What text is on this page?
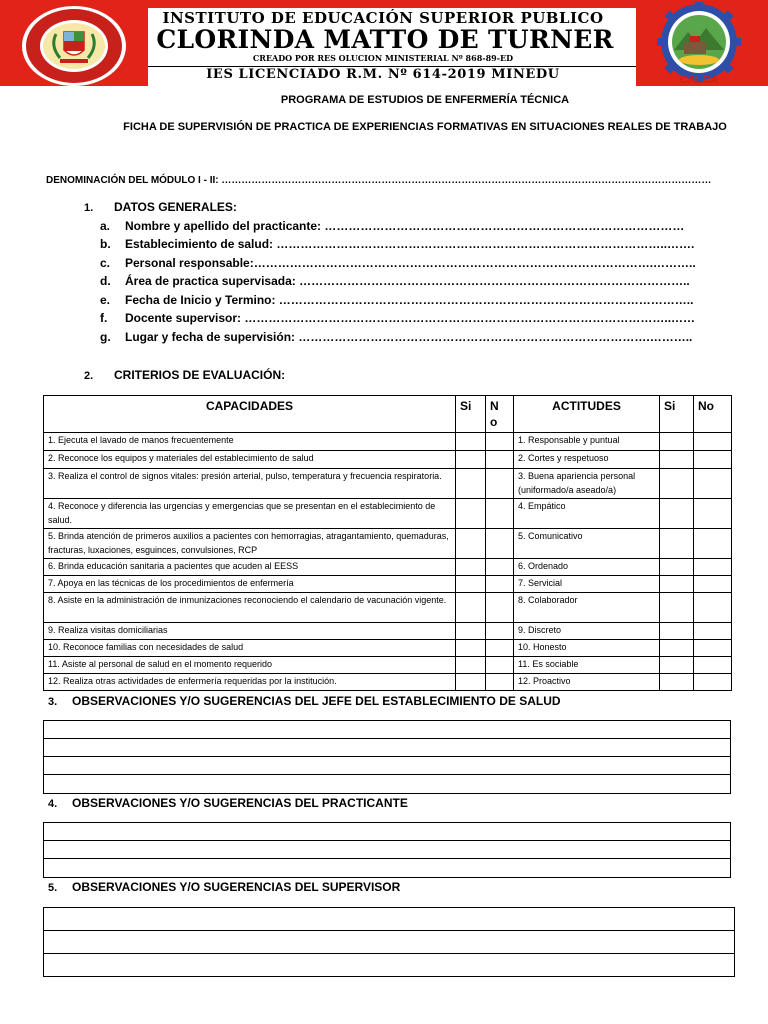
CALCA
INSTITUTO DE EDUCACIÓN SUPERIOR PUBLICO
CLORINDA MATTO DE TURNER
CREADO POR RES OLUCION MINISTERIAL Nº 868-89-ED
IES LICENCIADO R.M. Nº 614-2019 MINEDU
PROGRAMA DE ESTUDIOS DE ENFERMERÍA TÉCNICA
FICHA DE SUPERVISIÓN DE PRACTICA DE EXPERIENCIAS FORMATIVAS EN SITUACIONES REALES DE TRABAJO
DENOMINACIÓN DEL MÓDULO I - II: …………………………………………………………………………………………………………………………………
1. DATOS GENERALES:
a. Nombre y apellido del practicante: ………………………………………………………………………………
b. Establecimiento de salud: ……………………………………………………………………………………..…….
c. Personal responsable:……………………………………………………………………………………….………..
d. Área de practica supervisada: ……………………………………………………………………………………..
e. Fecha de Inicio y Termino: …………………………………………………………………………………………..
f. Docente supervisor: ……………………………………………………………………………………………..……
g. Lugar y fecha de supervisión: …………………………………………………………………………….………..
2. CRITERIOS DE EVALUACIÓN:
CAPACIDADES	Si	N o	ACTITUDES	Si	No
1. Ejecuta el lavado de manos frecuentemente			1. Responsable y puntual		
2. Reconoce los equipos y materiales del establecimiento de salud			2. Cortes y respetuoso		
3. Realiza el control de signos vitales: presión arterial, pulso, temperatura y frecuencia respiratoria.			3. Buena apariencia personal (uniformado/a aseado/a)		
4. Reconoce y diferencia las urgencias y emergencias que se presentan en el establecimiento de salud.			4. Empático		
5. Brinda atención de primeros auxilios a pacientes con hemorragias, atragantamiento, quemaduras, fracturas, luxaciones, esguinces, convulsiones, RCP			5. Comunicativo		
6. Brinda educación sanitaria a pacientes que acuden al EESS			6. Ordenado		
7. Apoya en las técnicas de los procedimientos de enfermería			7. Servicial		
8. Asiste en la administración de inmunizaciones reconociendo el calendario de vacunación vigente.			8. Colaborador		
9. Realiza visitas domiciliarias			9. Discreto		
10. Reconoce familias con necesidades de salud			10. Honesto		
11. Asiste al personal de salud en el momento requerido			11. Es sociable		
12. Realiza otras actividades de enfermería requeridas por la institución.			12. Proactivo		
3. OBSERVACIONES Y/O SUGERENCIAS DEL JEFE DEL ESTABLECIMIENTO DE SALUD
4. OBSERVACIONES Y/O SUGERENCIAS DEL PRACTICANTE
5. OBSERVACIONES Y/O SUGERENCIAS DEL SUPERVISOR
